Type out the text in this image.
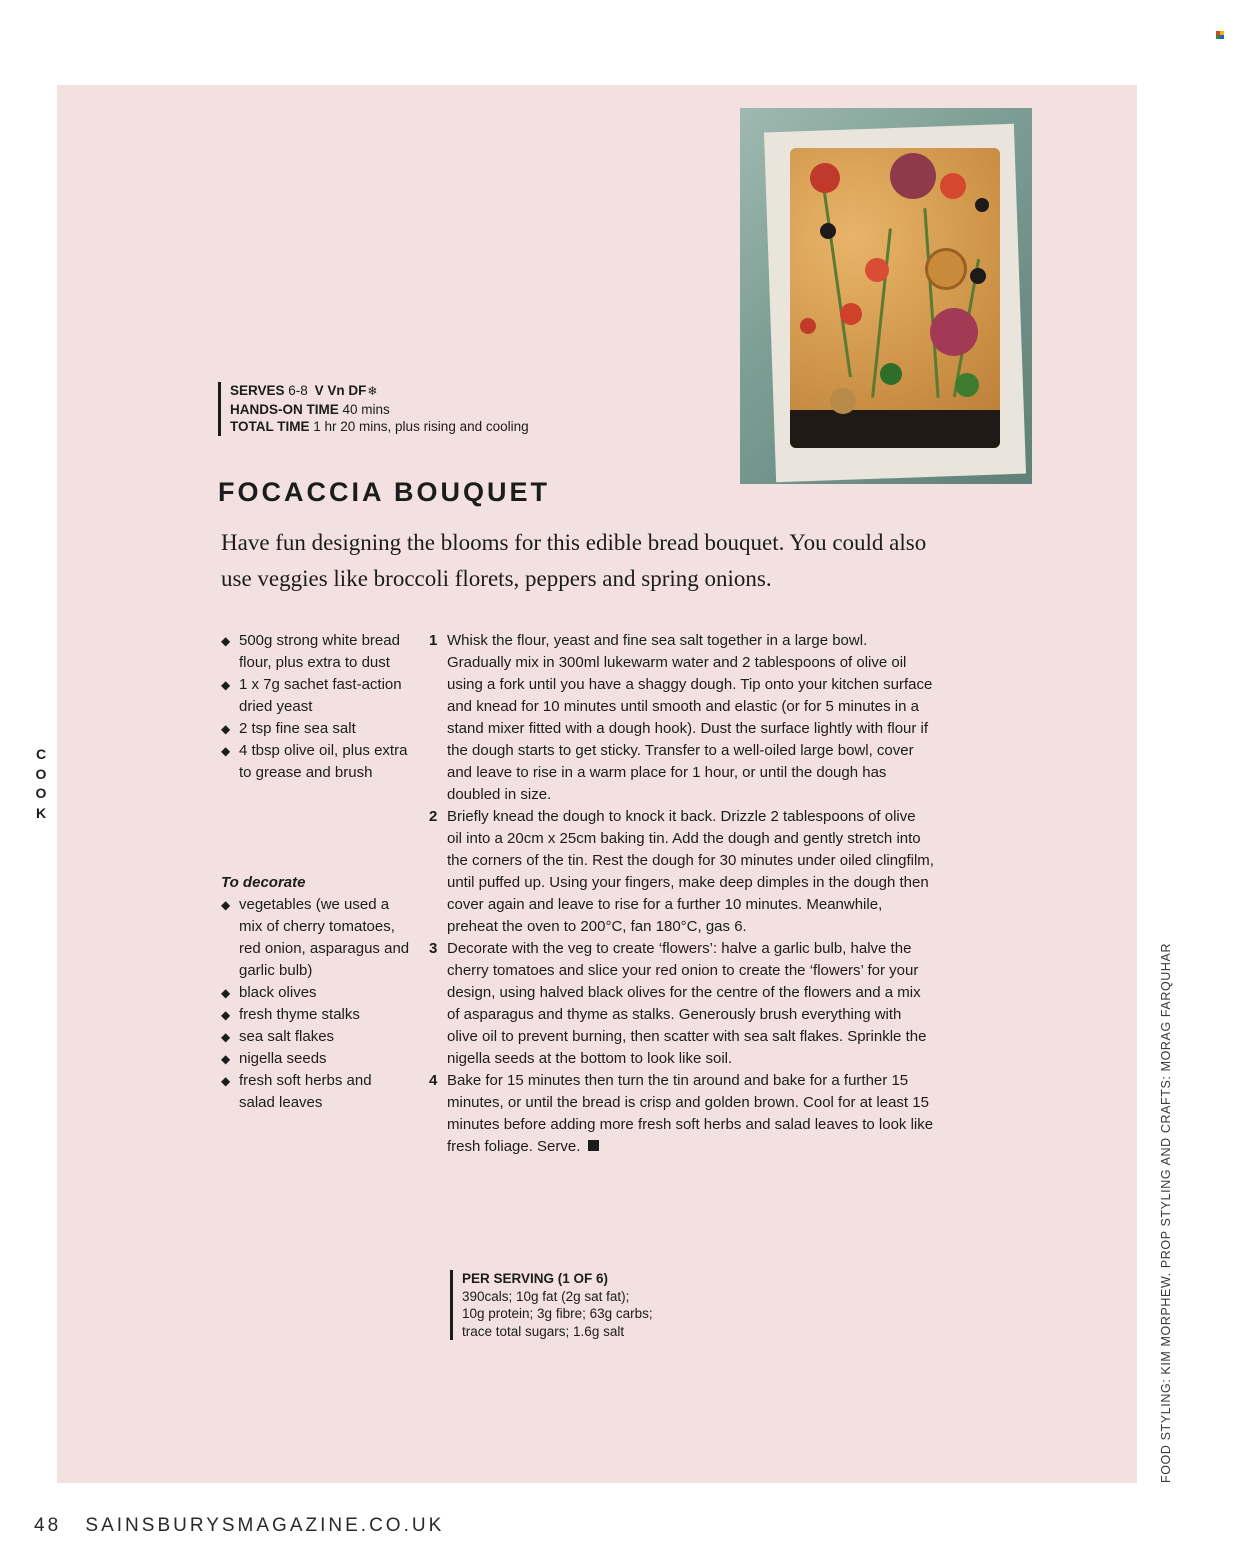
SERVES 6-8 V Vn DF❄
HANDS-ON TIME 40 mins
TOTAL TIME 1 hr 20 mins, plus rising and cooling
FOCACCIA BOUQUET

Have fun designing the blooms for this edible bread bouquet. You could also use veggies like broccoli florets, peppers and spring onions.

◆ 500g strong white bread flour, plus extra to dust
◆ 1 x 7g sachet fast-action dried yeast
◆ 2 tsp fine sea salt
◆ 4 tbsp olive oil, plus extra to grease and brush
To decorate
◆ vegetables (we used a mix of cherry tomatoes, red onion, asparagus and garlic bulb)
◆ black olives
◆ fresh thyme stalks
◆ sea salt flakes
◆ nigella seeds
◆ fresh soft herbs and salad leaves
1 Whisk the flour, yeast and fine sea salt together in a large bowl. Gradually mix in 300ml lukewarm water and 2 tablespoons of olive oil using a fork until you have a shaggy dough. Tip onto your kitchen surface and knead for 10 minutes until smooth and elastic (or for 5 minutes in a stand mixer fitted with a dough hook). Dust the surface lightly with flour if the dough starts to get sticky. Transfer to a well-oiled large bowl, cover and leave to rise in a warm place for 1 hour, or until the dough has doubled in size.
2 Briefly knead the dough to knock it back. Drizzle 2 tablespoons of olive oil into a 20cm x 25cm baking tin. Add the dough and gently stretch into the corners of the tin. Rest the dough for 30 minutes under oiled clingfilm, until puffed up. Using your fingers, make deep dimples in the dough then cover again and leave to rise for a further 10 minutes. Meanwhile, preheat the oven to 200°C, fan 180°C, gas 6.
3 Decorate with the veg to create ‘flowers’: halve a garlic bulb, halve the cherry tomatoes and slice your red onion to create the ‘flowers’ for your design, using halved black olives for the centre of the flowers and a mix of asparagus and thyme as stalks. Generously brush everything with olive oil to prevent burning, then scatter with sea salt flakes. Sprinkle the nigella seeds at the bottom to look like soil.
4 Bake for 15 minutes then turn the tin around and bake for a further 15 minutes, or until the bread is crisp and golden brown. Cool for at least 15 minutes before adding more fresh soft herbs and salad leaves to look like fresh foliage. Serve.
PER SERVING (1 OF 6)
390cals; 10g fat (2g sat fat);
10g protein; 3g fibre; 63g carbs;
trace total sugars; 1.6g salt
C
O
O
K
FOOD STYLING: KIM MORPHEW. PROP STYLING AND CRAFTS: MORAG FARQUHAR
48 SAINSBURYSMAGAZINE.CO.UK
